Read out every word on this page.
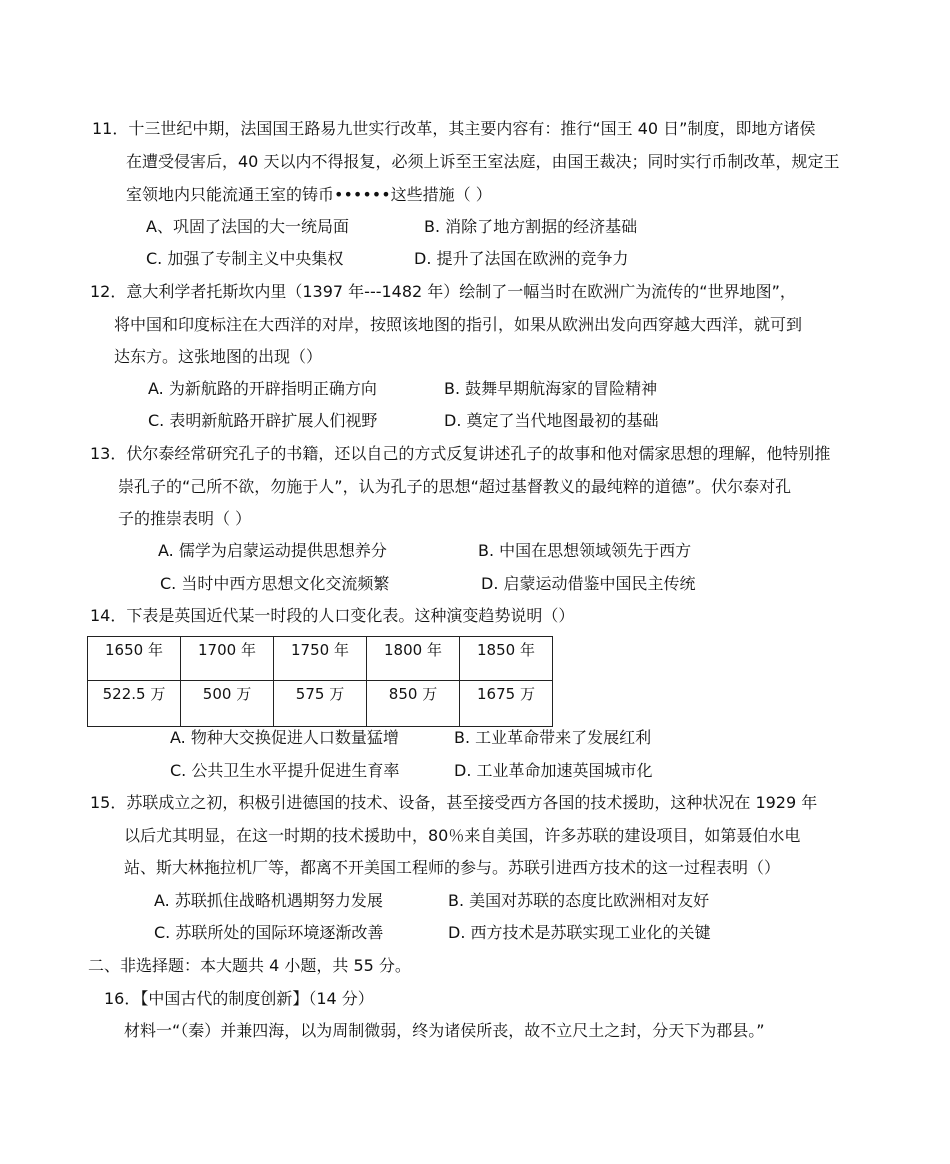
11．十三世纪中期，法国国王路易九世实行改革，其主要内容有：推行“国王 40 日”制度，即地方诸侯
在遭受侵害后，40 天以内不得报复，必须上诉至王室法庭，由国王裁决；同时实行币制改革，规定王
室领地内只能流通王室的铸币••••••这些措施（ ）
A、巩固了法国的大一统局面	B. 消除了地方割据的经济基础
C. 加强了专制主义中央集权	D. 提升了法国在欧洲的竞争力
12．意大利学者托斯坎内里（1397 年---1482 年）绘制了一幅当时在欧洲广为流传的“世界地图”，
将中国和印度标注在大西洋的对岸，按照该地图的指引，如果从欧洲出发向西穿越大西洋，就可到
达东方。这张地图的出现（）
A. 为新航路的开辟指明正确方向	B. 鼓舞早期航海家的冒险精神
C. 表明新航路开辟扩展人们视野	D. 奠定了当代地图最初的基础
13．伏尔泰经常研究孔子的书籍，还以自己的方式反复讲述孔子的故事和他对儒家思想的理解，他特别推
崇孔子的“己所不欲，勿施于人”，认为孔子的思想“超过基督教义的最纯粹的道德”。伏尔泰对孔
子的推崇表明（ ）
A. 儒学为启蒙运动提供思想养分	B. 中国在思想领域领先于西方
C. 当时中西方思想文化交流频繁	D. 启蒙运动借鉴中国民主传统
14．下表是英国近代某一时段的人口变化表。这种演变趋势说明（）
1650 年	1700 年	1750 年	1800 年	1850 年
522.5 万	500 万	575 万	850 万	1675 万
A. 物种大交换促进人口数量猛增	B. 工业革命带来了发展红利
C. 公共卫生水平提升促进生育率	D. 工业革命加速英国城市化
15．苏联成立之初，积极引进德国的技术、设备，甚至接受西方各国的技术援助，这种状况在 1929 年
以后尤其明显，在这一时期的技术援助中，80％来自美国，许多苏联的建设项目，如第聂伯水电
站、斯大林拖拉机厂等，都离不开美国工程师的参与。苏联引进西方技术的这一过程表明（）
A. 苏联抓住战略机遇期努力发展	B. 美国对苏联的态度比欧洲相对友好
C. 苏联所处的国际环境逐渐改善	D. 西方技术是苏联实现工业化的关键
二、非选择题：本大题共 4 小题，共 55 分。
16．【中国古代的制度创新】（14 分）
材料一“（秦）并兼四海，以为周制微弱，终为诸侯所丧，故不立尺土之封，分天下为郡县。”
